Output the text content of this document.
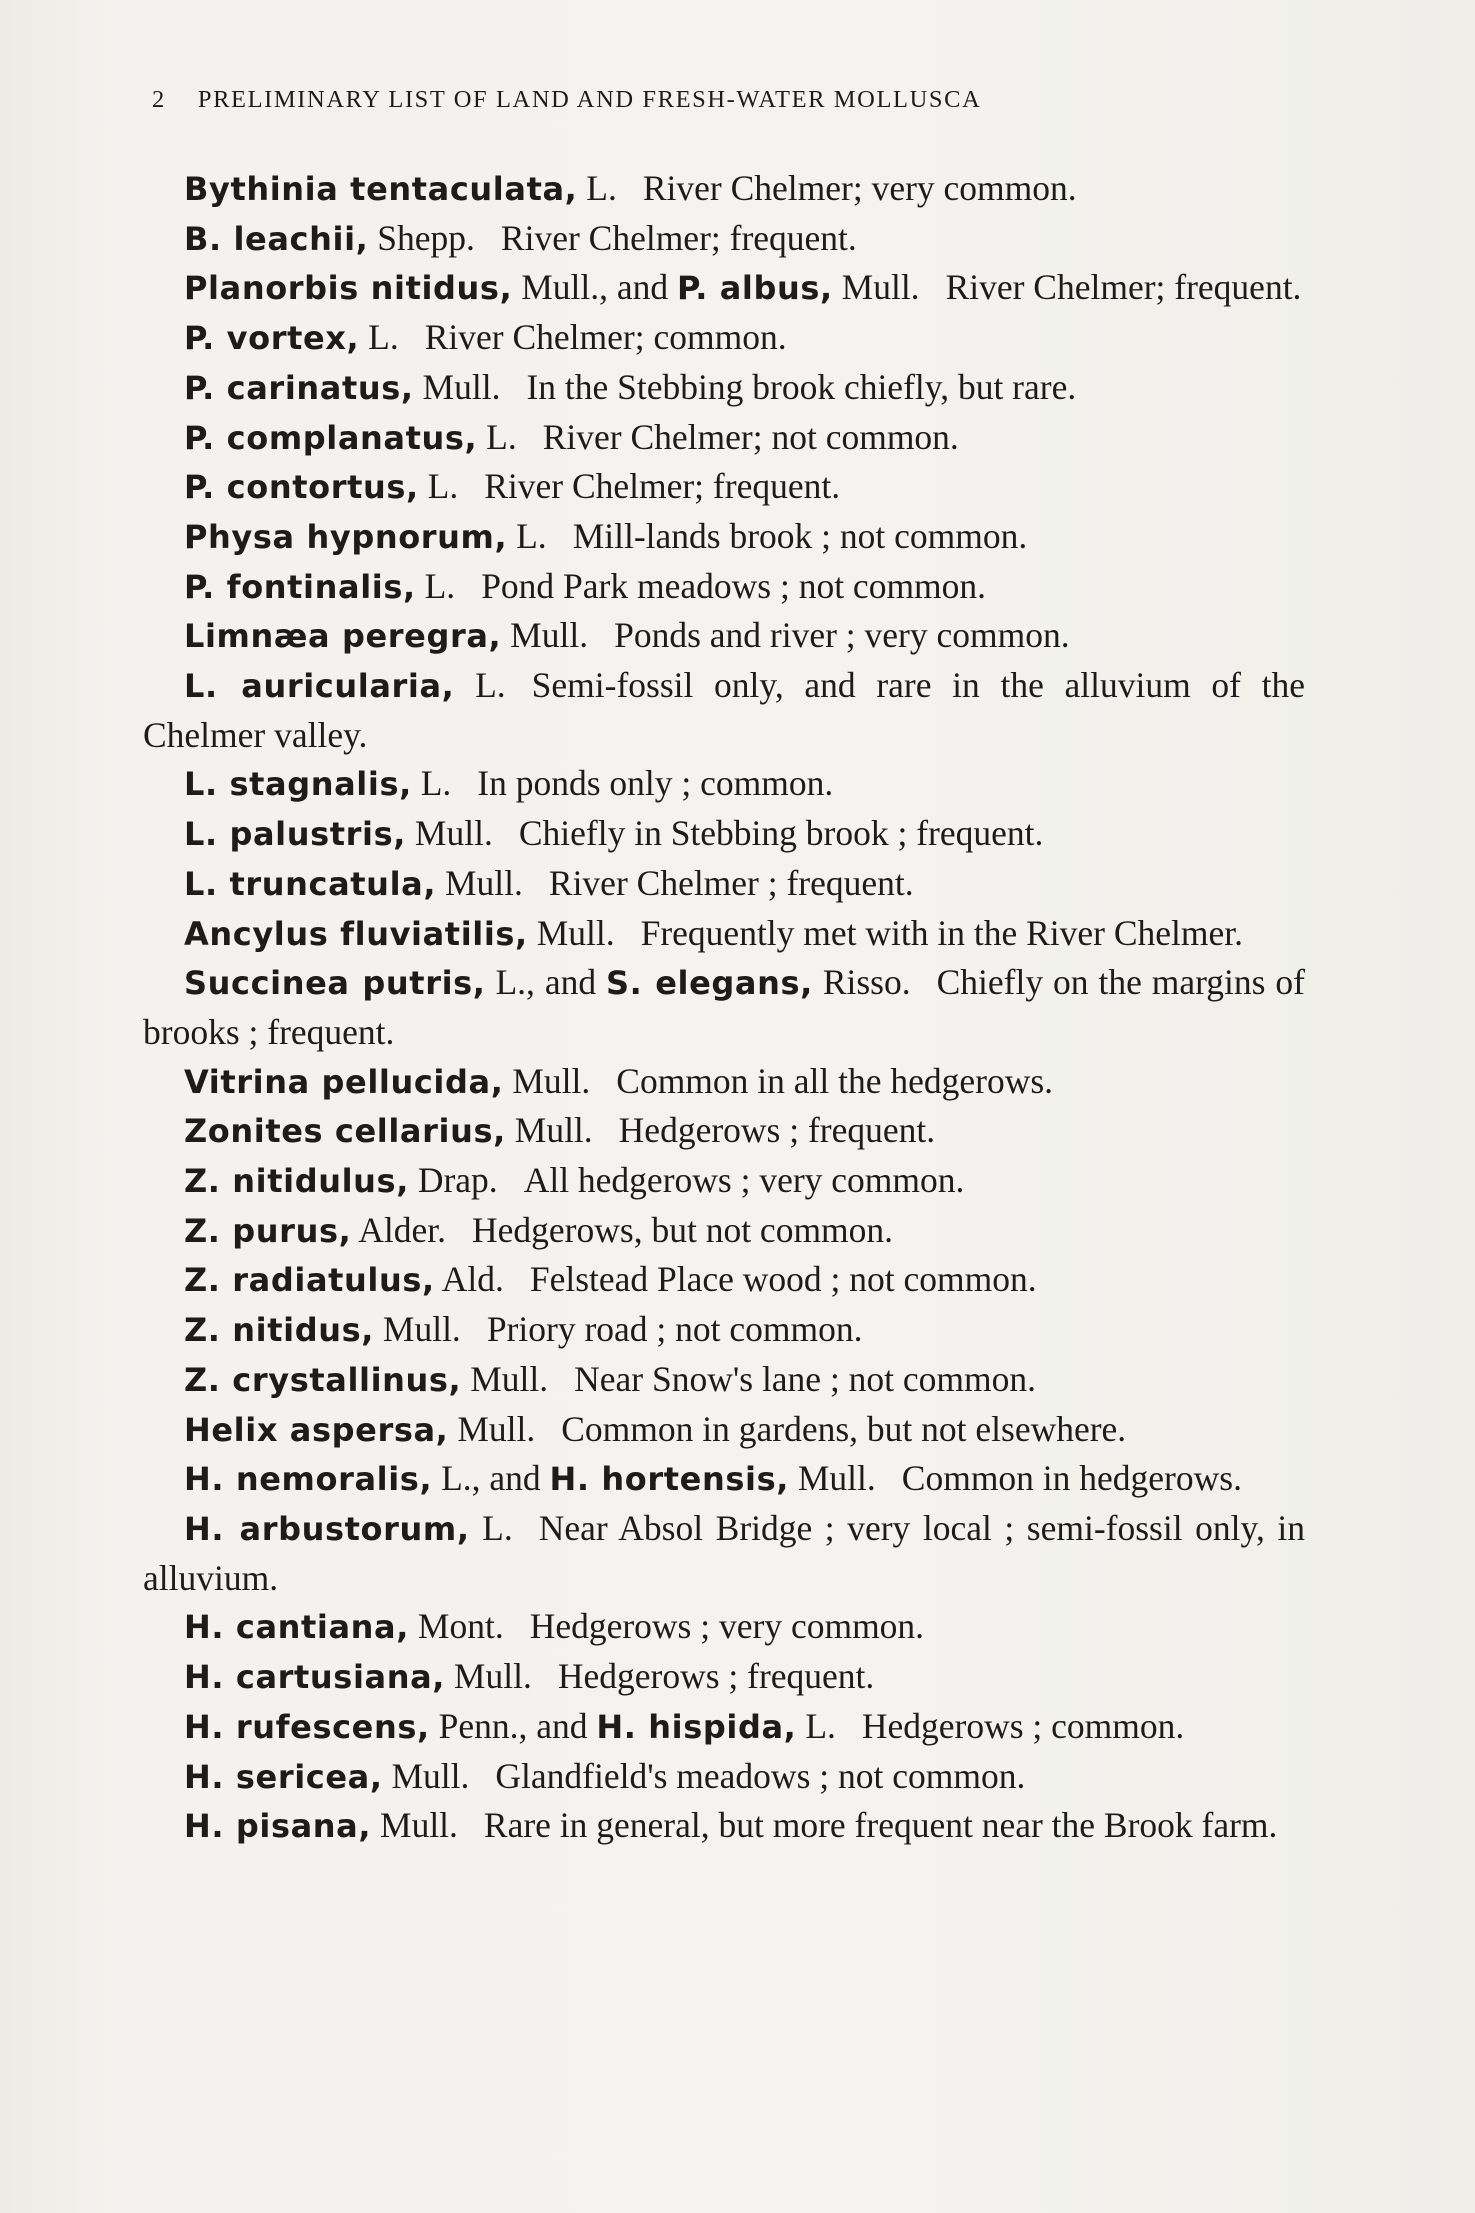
2 PRELIMINARY LIST OF LAND AND FRESH-WATER MOLLUSCA

Bythinia tentaculata, L. River Chelmer; very common.

B. leachii, Shepp. River Chelmer; frequent.

Planorbis nitidus, Mull., and P. albus, Mull. River Chelmer; frequent.

P. vortex, L. River Chelmer; common.

P. carinatus, Mull. In the Stebbing brook chiefly, but rare.

P. complanatus, L. River Chelmer; not common.

P. contortus, L. River Chelmer; frequent.

Physa hypnorum, L. Mill-lands brook ; not common.

P. fontinalis, L. Pond Park meadows ; not common.

Limnæa peregra, Mull. Ponds and river ; very common.

L. auricularia, L. Semi-fossil only, and rare in the alluvium of the Chelmer valley.

L. stagnalis, L. In ponds only ; common.

L. palustris, Mull. Chiefly in Stebbing brook ; frequent.

L. truncatula, Mull. River Chelmer ; frequent.

Ancylus fluviatilis, Mull. Frequently met with in the River Chelmer.

Succinea putris, L., and S. elegans, Risso. Chiefly on the margins of brooks ; frequent.

Vitrina pellucida, Mull. Common in all the hedgerows.

Zonites cellarius, Mull. Hedgerows ; frequent.

Z. nitidulus, Drap. All hedgerows ; very common.

Z. purus, Alder. Hedgerows, but not common.

Z. radiatulus, Ald. Felstead Place wood ; not common.

Z. nitidus, Mull. Priory road ; not common.

Z. crystallinus, Mull. Near Snow's lane ; not common.

Helix aspersa, Mull. Common in gardens, but not elsewhere.

H. nemoralis, L., and H. hortensis, Mull. Common in hedgerows.

H. arbustorum, L. Near Absol Bridge ; very local ; semi-fossil only, in alluvium.

H. cantiana, Mont. Hedgerows ; very common.

H. cartusiana, Mull. Hedgerows ; frequent.

H. rufescens, Penn., and H. hispida, L. Hedgerows ; common.

H. sericea, Mull. Glandfield's meadows ; not common.

H. pisana, Mull. Rare in general, but more frequent near the Brook farm.
